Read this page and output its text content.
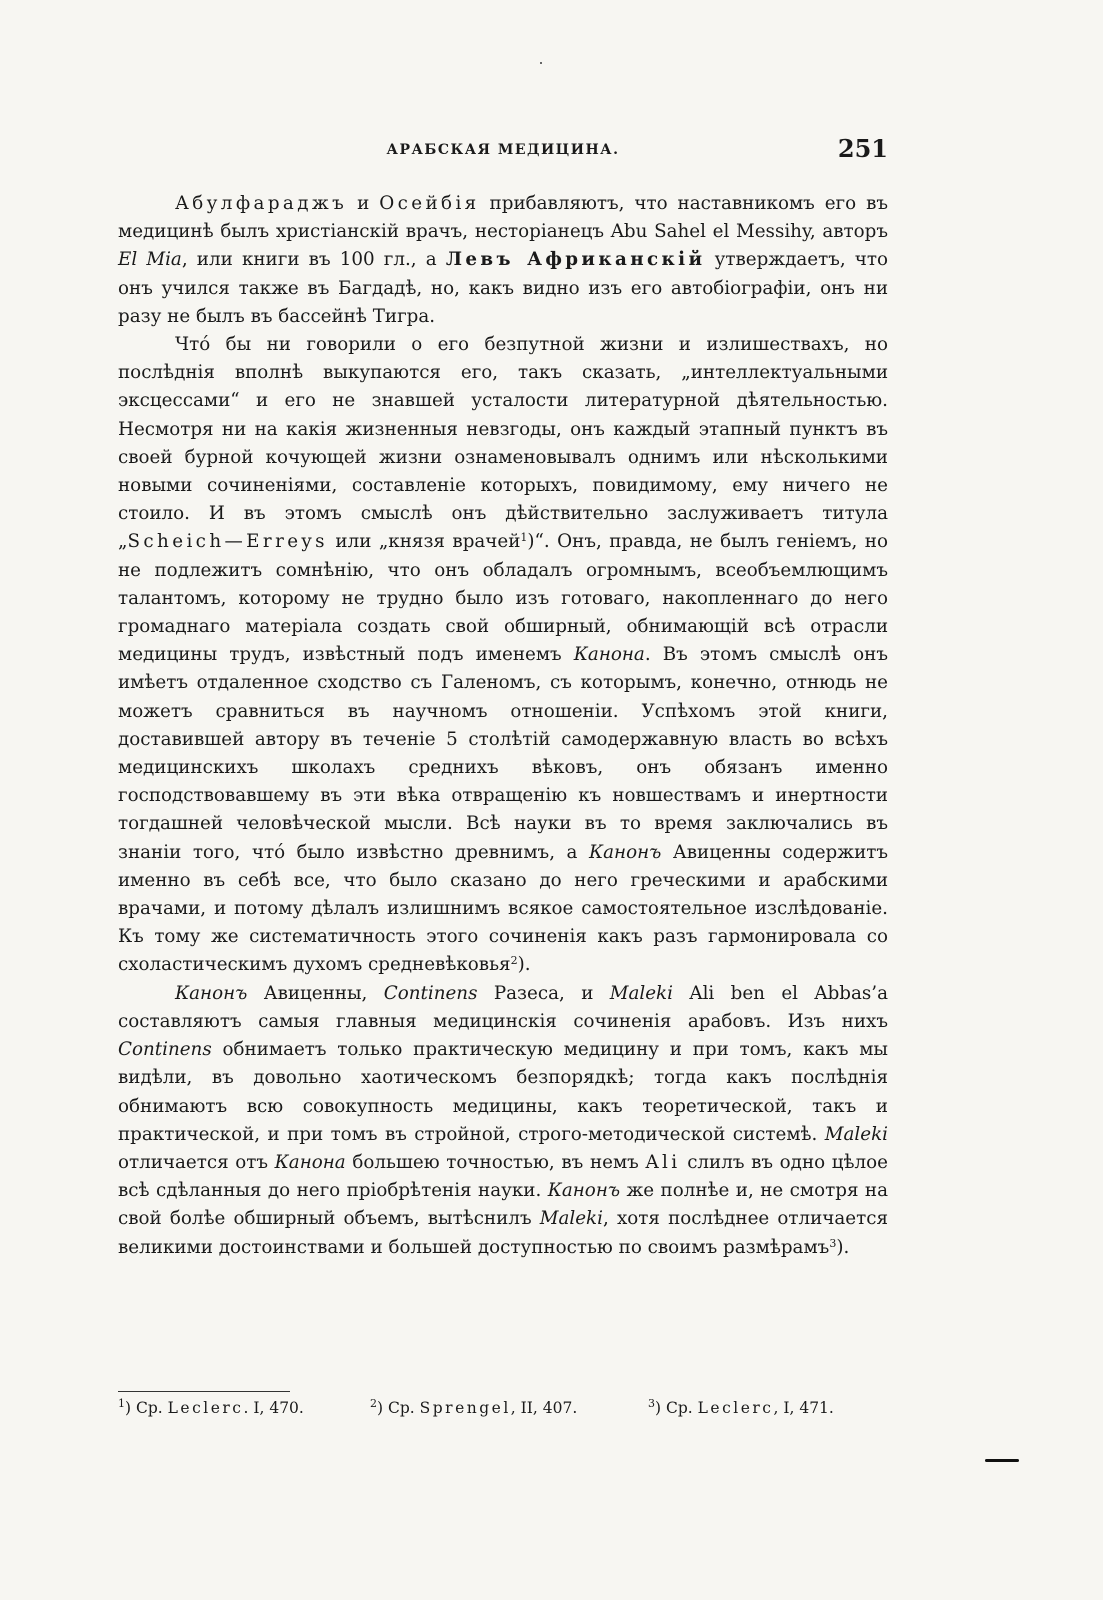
АРАБСКАЯ МЕДИЦИНА.	251

Абулфараджъ и Осейбія прибавляютъ, что наставникомъ его въ медицинѣ былъ христіанскій врачъ, несторіанецъ Abu Sahel el Messihy, авторъ El Mia, или книги въ 100 гл., а Левъ Африканскій утверждаетъ, что онъ учился также въ Багдадѣ, но, какъ видно изъ его автобіографіи, онъ ни разу не былъ въ бассейнѣ Тигра.

Чтó бы ни говорили о его безпутной жизни и излишествахъ, но послѣднія вполнѣ выкупаются его, такъ сказать, „интеллектуальными эксцессами“ и его не знавшей усталости литературной дѣятельностью. Несмотря ни на какія жизненныя невзгоды, онъ каждый этапный пунктъ въ своей бурной кочующей жизни ознаменовывалъ однимъ или нѣсколькими новыми сочиненіями, составленіе которыхъ, повидимому, ему ничего не стоило. И въ этомъ смыслѣ онъ дѣйствительно заслуживаетъ титула „Scheich—Erreys или „князя врачей$^1$)“. Онъ, правда, не былъ геніемъ, но не подлежитъ сомнѣнію, что онъ обладалъ огромнымъ, всеобъемлющимъ талантомъ, которому не трудно было изъ готоваго, накопленнаго до него громаднаго матеріала создать свой обширный, обнимающій всѣ отрасли медицины трудъ, извѣстный подъ именемъ Канона. Въ этомъ смыслѣ онъ имѣетъ отдаленное сходство съ Галеномъ, съ которымъ, конечно, отнюдь не можетъ сравниться въ научномъ отношеніи. Успѣхомъ этой книги, доставившей автору въ теченіе 5 столѣтій самодержавную власть во всѣхъ медицинскихъ школахъ среднихъ вѣковъ, онъ обязанъ именно господствовавшему въ эти вѣка отвращенію къ новшествамъ и инертности тогдашней человѣческой мысли. Всѣ науки въ то время заключались въ знаніи того, чтó было извѣстно древнимъ, а Канонъ Авиценны содержитъ именно въ себѣ все, что было сказано до него греческими и арабскими врачами, и потому дѣлалъ излишнимъ всякое самостоятельное изслѣдованіе. Къ тому же систематичность этого сочиненія какъ разъ гармонировала со схоластическимъ духомъ средневѣковья$^2$).

Канонъ Авиценны, Continens Разеса, и Maleki Ali ben el Abbas’a составляютъ самыя главныя медицинскія сочиненія арабовъ. Изъ нихъ Continens обнимаетъ только практическую медицину и при томъ, какъ мы видѣли, въ довольно хаотическомъ безпорядкѣ; тогда какъ послѣднія обнимаютъ всю совокупность медицины, какъ теоретической, такъ и практической, и при томъ въ стройной, строго-методической системѣ. Maleki отличается отъ Канона большею точностью, въ немъ Ali слилъ въ одно цѣлое всѣ сдѣланныя до него пріобрѣтенія науки. Канонъ же полнѣе и, не смотря на свой болѣе обширный объемъ, вытѣснилъ Maleki, хотя послѣднее отличается великими достоинствами и большей доступностью по своимъ размѣрамъ$^3$).

$^1$) Cp. Leclerc. I, 470.	$^2$) Cp. Sprengel, II, 407.	$^3$) Cp. Leclerc, I, 471.
